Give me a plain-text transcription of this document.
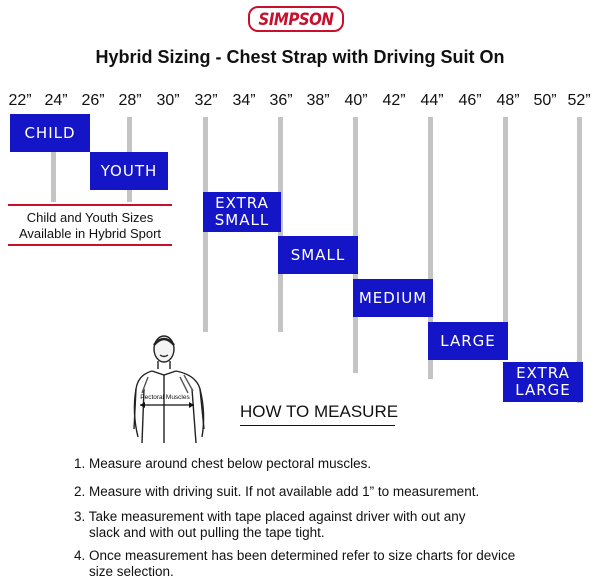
SIMPSON
Hybrid Sizing - Chest Strap with Driving Suit On
22” 24” 26” 28” 30” 32” 34” 36” 38” 40” 42” 44” 46” 48” 50” 52”
CHILD
YOUTH
EXTRA SMALL
SMALL
MEDIUM
LARGE
EXTRA LARGE
Child and Youth Sizes
Available in Hybrid Sport
Pectoral Muscles
HOW TO MEASURE
1. Measure around chest below pectoral muscles.
2. Measure with driving suit. If not available add 1” to measurement.
3. Take measurement with tape placed against driver with out any
slack and with out pulling the tape tight.
4. Once measurement has been determined refer to size charts for device
size selection.
